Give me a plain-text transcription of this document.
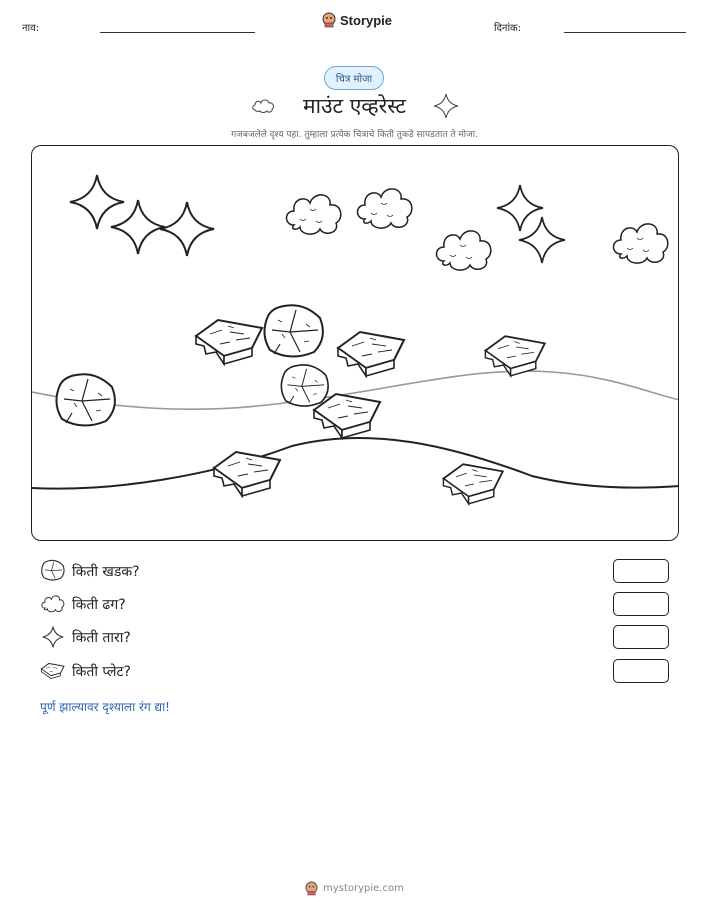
नाव:
Storypie
दिनांक:
चित्र मोजा
माउंट एव्हरेस्ट
गजबजलेले दृश्य पहा. तुम्हाला प्रत्येक चित्राचे किती तुकडे सापडतात ते मोजा.
किती खडक?
किती ढग?
किती तारा?
किती प्लेट?
पूर्ण झाल्यावर दृश्याला रंग द्या!
mystorypie.com
